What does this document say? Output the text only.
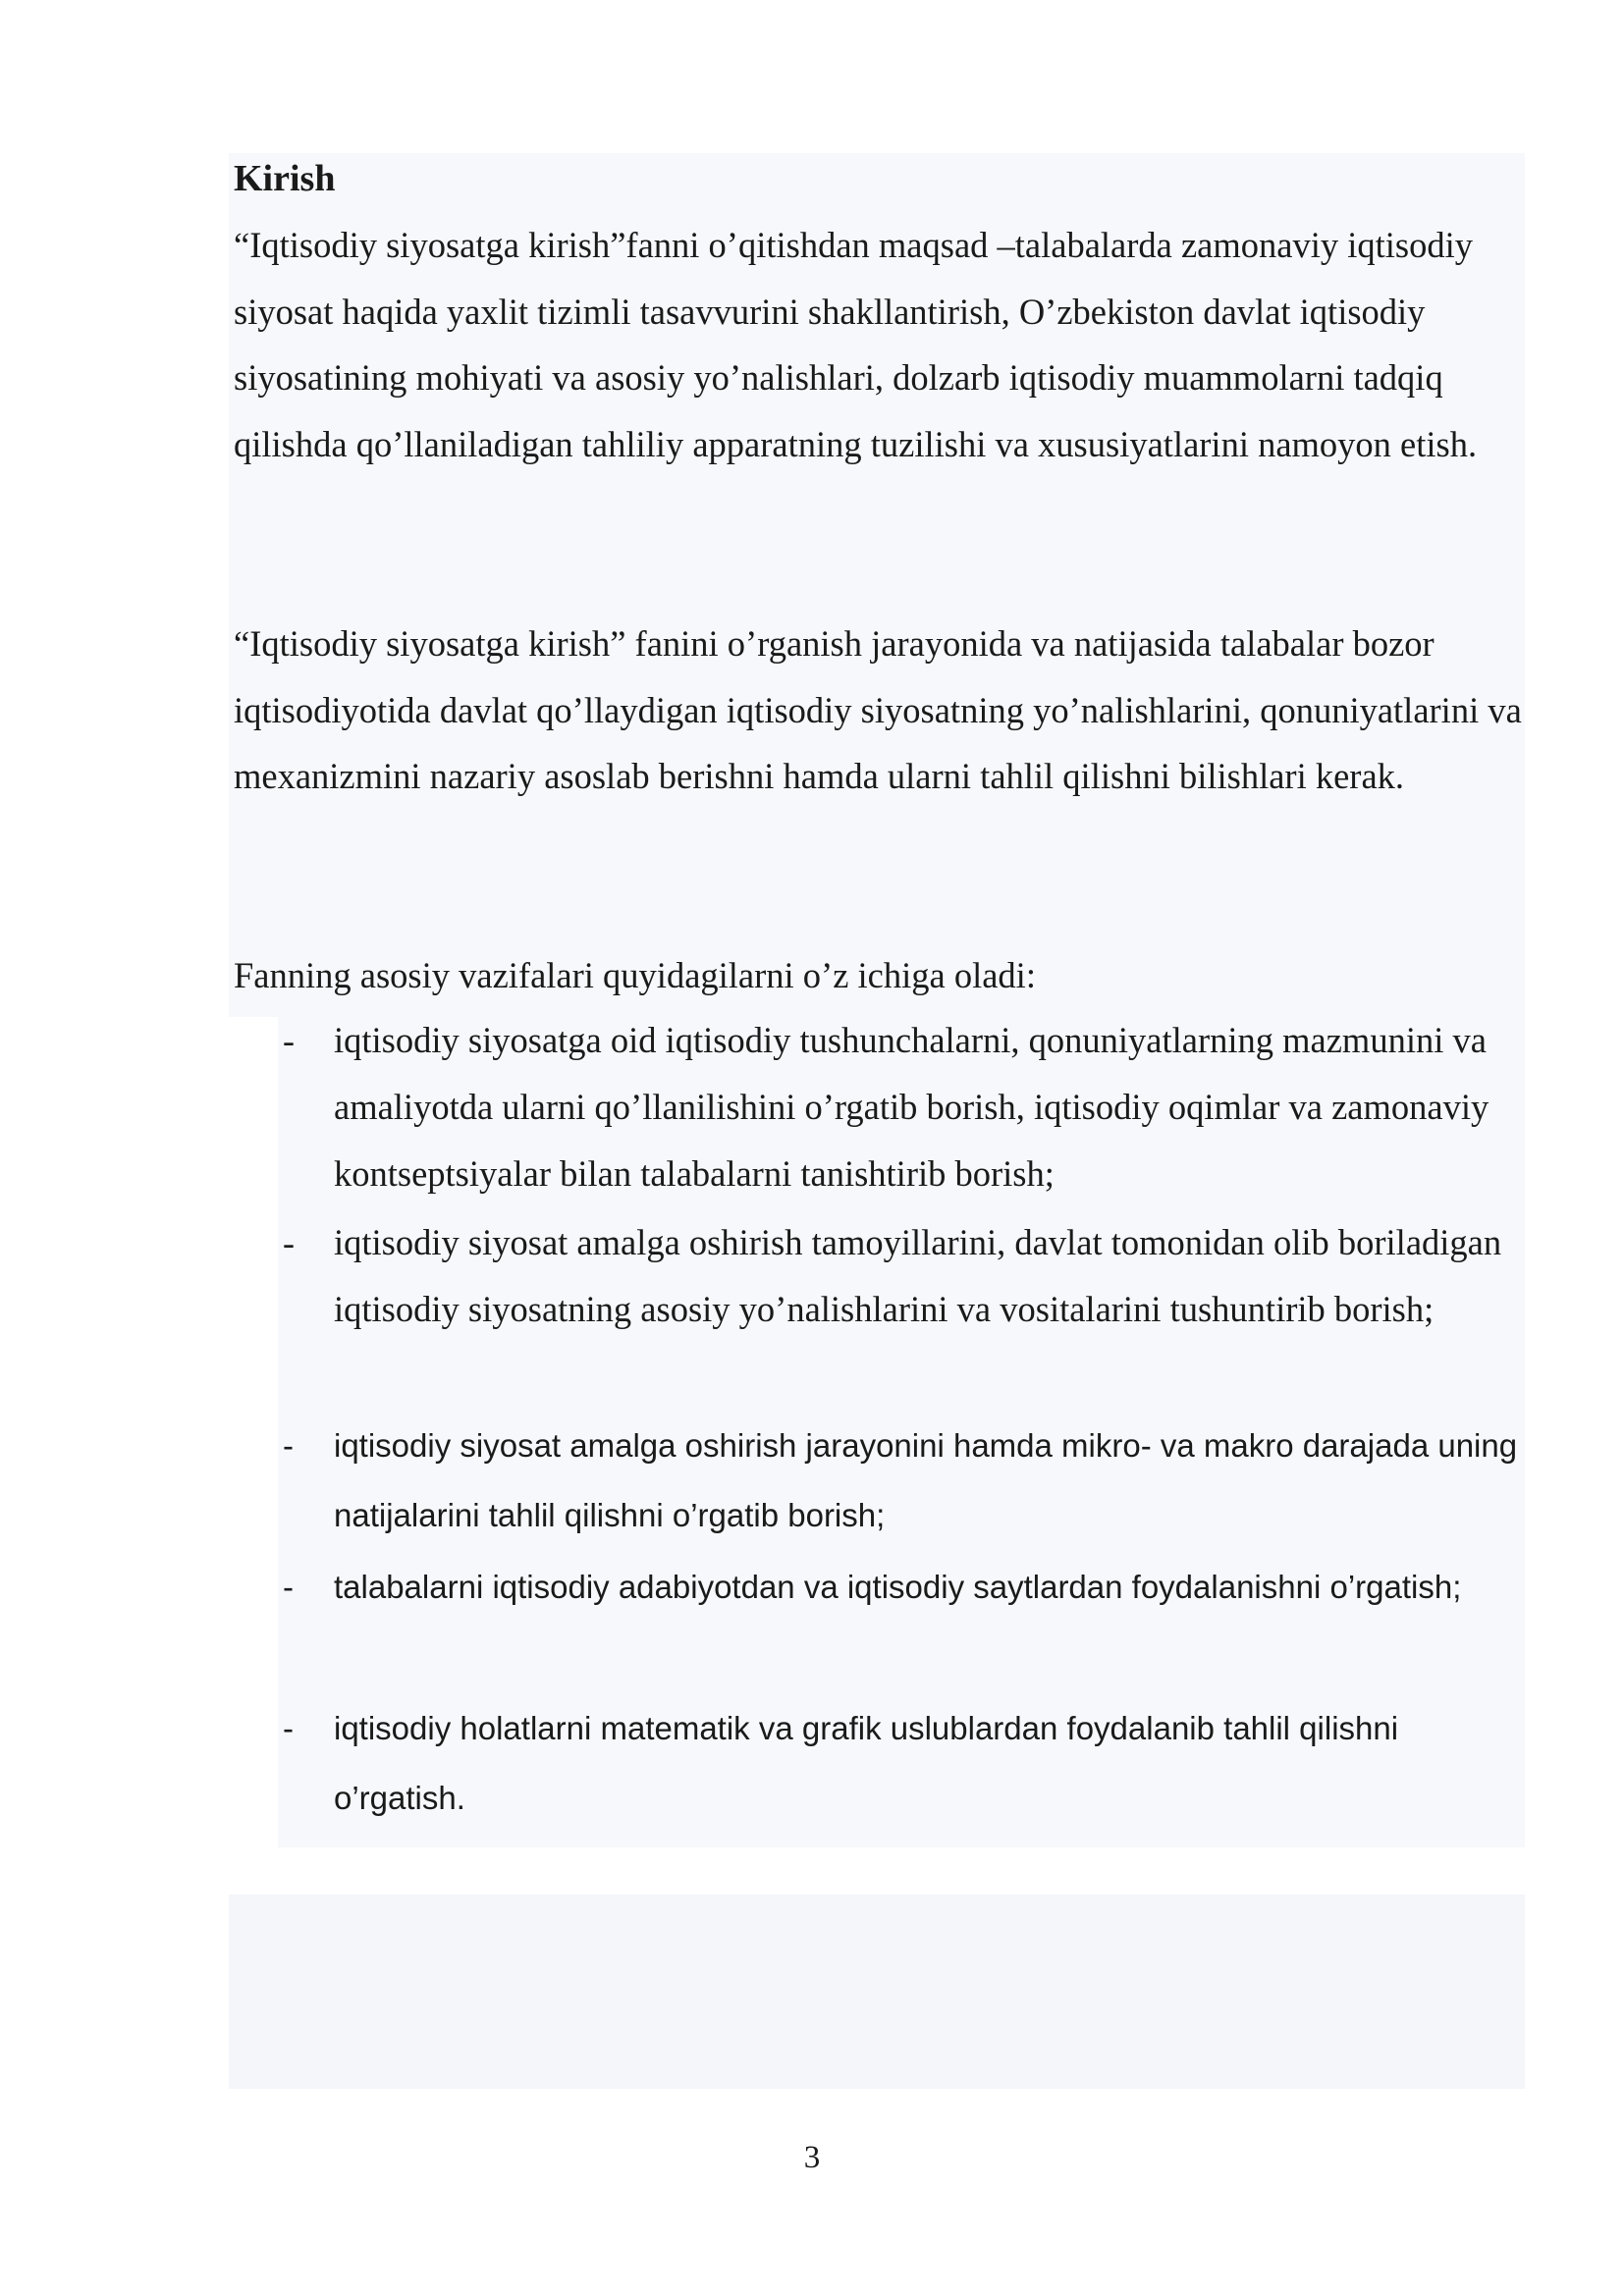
Kirish

“Iqtisodiy siyosatga kirish”fanni o’qitishdan maqsad –talabalarda zamonaviy iqtisodiy siyosat haqida yaxlit tizimli tasavvurini shakllantirish, O’zbekiston davlat iqtisodiy siyosatining mohiyati va asosiy yo’nalishlari, dolzarb iqtisodiy muammolarni tadqiq qilishda qo’llaniladigan tahliliy apparatning tuzilishi va xususiyatlarini namoyon etish.

“Iqtisodiy siyosatga kirish” fanini o’rganish jarayonida va natijasida talabalar bozor iqtisodiyotida davlat qo’llaydigan iqtisodiy siyosatning yo’nalishlarini, qonuniyatlarini va mexanizmini nazariy asoslab berishni hamda ularni tahlil qilishni bilishlari kerak.

Fanning asosiy vazifalari quyidagilarni o’z ichiga oladi:

- iqtisodiy siyosatga oid iqtisodiy tushunchalarni, qonuniyatlarning mazmunini va amaliyotda ularni qo’llanilishini o’rgatib borish, iqtisodiy oqimlar va zamonaviy kontseptsiyalar bilan talabalarni tanishtirib borish;

- iqtisodiy siyosat amalga oshirish tamoyillarini, davlat tomonidan olib boriladigan iqtisodiy siyosatning asosiy yo’nalishlarini va vositalarini tushuntirib borish;

- iqtisodiy siyosat amalga oshirish jarayonini hamda mikro- va makro darajada uning natijalarini tahlil qilishni o’rgatib borish;

- talabalarni iqtisodiy adabiyotdan va iqtisodiy saytlardan foydalanishni o’rgatish;

- iqtisodiy holatlarni matematik va grafik uslublardan foydalanib tahlil qilishni o’rgatish.

3
